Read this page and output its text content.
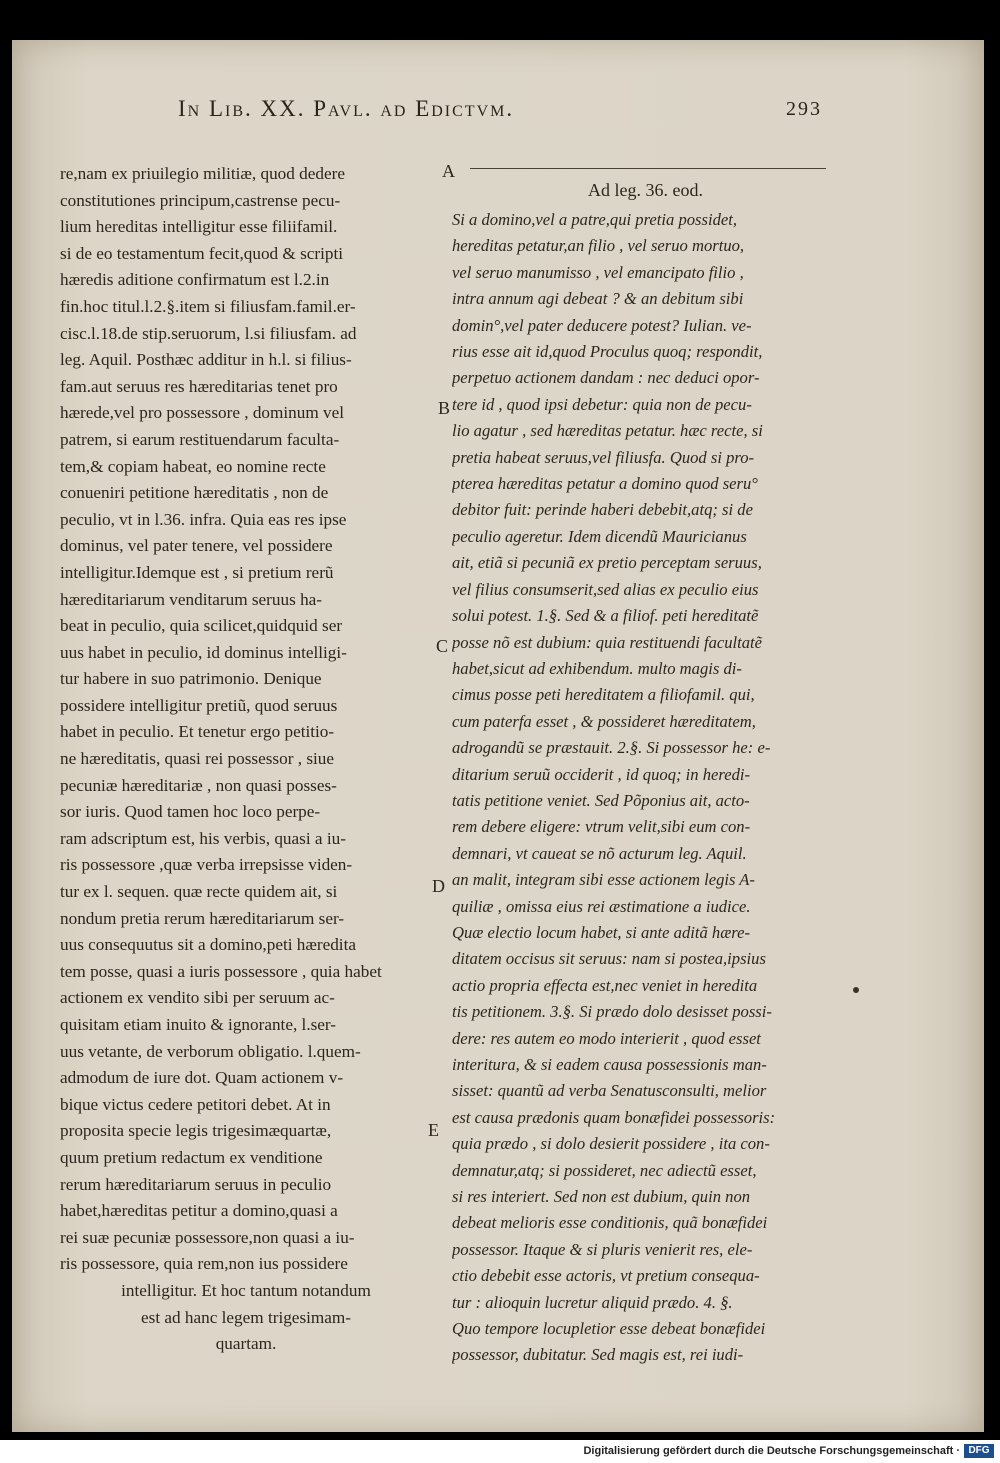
In Lib. XX. Pavl. ad Edictvm.	293
Ad leg. 36. eod.
A
B
C
D
E
re,nam ex priuilegio militiæ, quod dedere
constitutiones principum,castrense pecu-
lium hereditas intelligitur esse filiifamil.
si de eo testamentum fecit,quod & scripti
hæredis aditione confirmatum est l.2.in
fin.hoc titul.l.2.§.item si filiusfam.famil.er-
cisc.l.18.de stip.seruorum, l.si filiusfam. ad
leg. Aquil. Posthæc additur in h.l. si filius-
fam.aut seruus res hæreditarias tenet pro
hærede,vel pro possessore , dominum vel
patrem, si earum restituendarum faculta-
tem,& copiam habeat, eo nomine recte
conueniri petitione hæreditatis , non de
peculio, vt in l.36. infra. Quia eas res ipse
dominus, vel pater tenere, vel possidere
intelligitur.Idemque est , si pretium rerũ
hæreditariarum venditarum seruus ha-
beat in peculio, quia scilicet,quidquid ser
uus habet in peculio, id dominus intelligi-
tur habere in suo patrimonio. Denique
possidere intelligitur pretiũ, quod seruus
habet in peculio. Et tenetur ergo petitio-
ne hæreditatis, quasi rei possessor , siue
pecuniæ hæreditariæ , non quasi posses-
sor iuris. Quod tamen hoc loco perpe-
ram adscriptum est, his verbis, quasi a iu-
ris possessore ,quæ verba irrepsisse viden-
tur ex l. sequen. quæ recte quidem ait, si
nondum pretia rerum hæreditariarum ser-
uus consequutus sit a domino,peti hæredita
tem posse, quasi a iuris possessore , quia habet
actionem ex vendito sibi per seruum ac-
quisitam etiam inuito & ignorante, l.ser-
uus vetante, de verborum obligatio. l.quem-
admodum de iure dot. Quam actionem v-
bique victus cedere petitori debet. At in
proposita specie legis trigesimæquartæ,
quum pretium redactum ex venditione
rerum hæreditariarum seruus in peculio
habet,hæreditas petitur a domino,quasi a
rei suæ pecuniæ possessore,non quasi a iu-
ris possessore, quia rem,non ius possidere
intelligitur. Et hoc tantum notandum
est ad hanc legem trigesimam-
quartam.
Si a domino,vel a patre,qui pretia possidet,
hereditas petatur,an filio , vel seruo mortuo,
vel seruo manumisso , vel emancipato filio ,
intra annum agi debeat ? & an debitum sibi
domin°,vel pater deducere potest? Iulian. ve-
rius esse ait id,quod Proculus quoq; respondit,
perpetuo actionem dandam : nec deduci opor-
tere id , quod ipsi debetur: quia non de pecu-
lio agatur , sed hæreditas petatur. hæc recte, si
pretia habeat seruus,vel filiusfa. Quod si pro-
pterea hæreditas petatur a domino quod seru°
debitor fuit: perinde haberi debebit,atq; si de
peculio ageretur. Idem dicendũ Mauricianus
ait, etiã si pecuniã ex pretio perceptam seruus,
vel filius consumserit,sed alias ex peculio eius
solui potest. 1.§. Sed & a filiof. peti hereditatẽ
posse nõ est dubium: quia restituendi facultatẽ
habet,sicut ad exhibendum. multo magis di-
cimus posse peti hereditatem a filiofamil. qui,
cum paterfa esset , & possideret hæreditatem,
adrogandũ se præstauit. 2.§. Si possessor he: e-
ditarium seruũ occiderit , id quoq; in heredi-
tatis petitione veniet. Sed Põponius ait, acto-
rem debere eligere: vtrum velit,sibi eum con-
demnari, vt caueat se nõ acturum leg. Aquil.
an malit, integram sibi esse actionem legis A-
quiliæ , omissa eius rei æstimatione a iudice.
Quæ electio locum habet, si ante aditã hære-
ditatem occisus sit seruus: nam si postea,ipsius
actio propria effecta est,nec veniet in heredita
tis petitionem. 3.§. Si prædo dolo desisset possi-
dere: res autem eo modo interierit , quod esset
interitura, & si eadem causa possessionis man-
sisset: quantũ ad verba Senatusconsulti, melior
est causa prædonis quam bonæfidei possessoris:
quia prædo , si dolo desierit possidere , ita con-
demnatur,atq; si possideret, nec adiectũ esset,
si res interiert. Sed non est dubium, quin non
debeat melioris esse conditionis, quã bonæfidei
possessor. Itaque & si pluris venierit res, ele-
ctio debebit esse actoris, vt pretium consequa-
tur : alioquin lucretur aliquid prædo. 4. §.
Quo tempore locupletior esse debeat bonæfidei
possessor, dubitatur. Sed magis est, rei iudi-
Digitalisierung gefördert durch die Deutsche Forschungsgemeinschaft · DFG
